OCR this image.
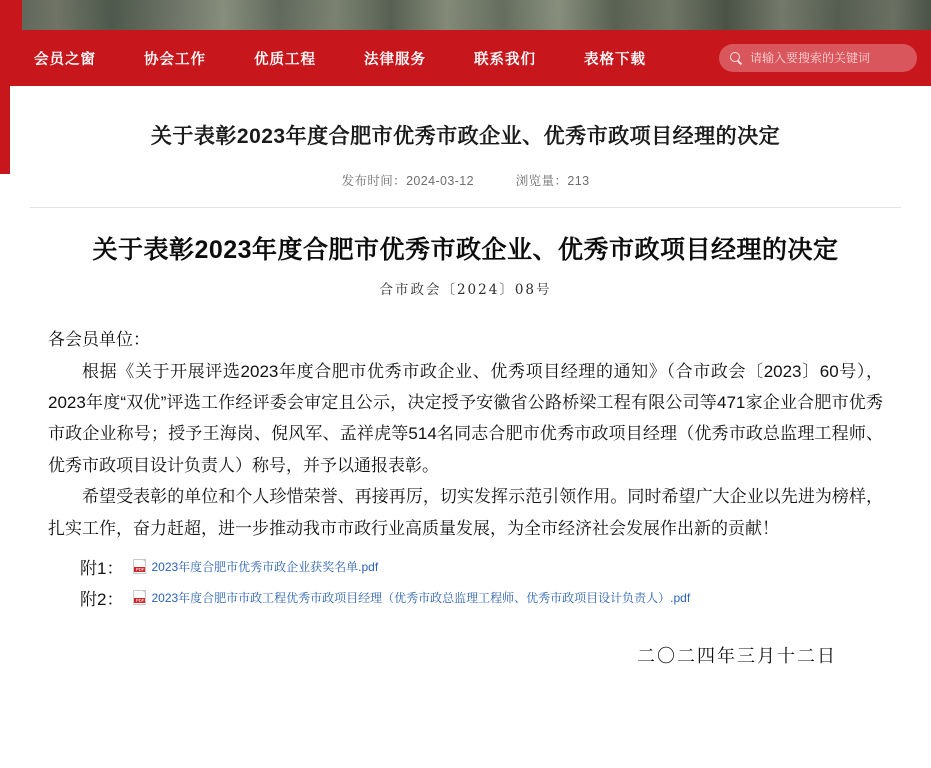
会员之窗	协会工作	优质工程	法律服务	联系我们	表格下载
请输入要搜索的关键词
关于表彰2023年度合肥市优秀市政企业、优秀市政项目经理的决定
发布时间：2024-03-12	浏览量：213
关于表彰2023年度合肥市优秀市政企业、优秀市政项目经理的决定
合市政会〔2024〕08号

各会员单位：

根据《关于开展评选2023年度合肥市优秀市政企业、优秀项目经理的通知》（合市政会〔2023〕60号），2023年度“双优”评选工作经评委会审定且公示，决定授予安徽省公路桥梁工程有限公司等471家企业合肥市优秀市政企业称号；授予王海岗、倪风军、孟祥虎等514名同志合肥市优秀市政项目经理（优秀市政总监理工程师、优秀市政项目设计负责人）称号，并予以通报表彰。

希望受表彰的单位和个人珍惜荣誉、再接再厉，切实发挥示范引领作用。同时希望广大企业以先进为榜样，扎实工作，奋力赶超，进一步推动我市市政行业高质量发展，为全市经济社会发展作出新的贡献！

附1： PDF 2023年度合肥市优秀市政企业获奖名单.pdf
附2： PDF 2023年度合肥市市政工程优秀市政项目经理（优秀市政总监理工程师、优秀市政项目设计负责人）.pdf
二〇二四年三月十二日
